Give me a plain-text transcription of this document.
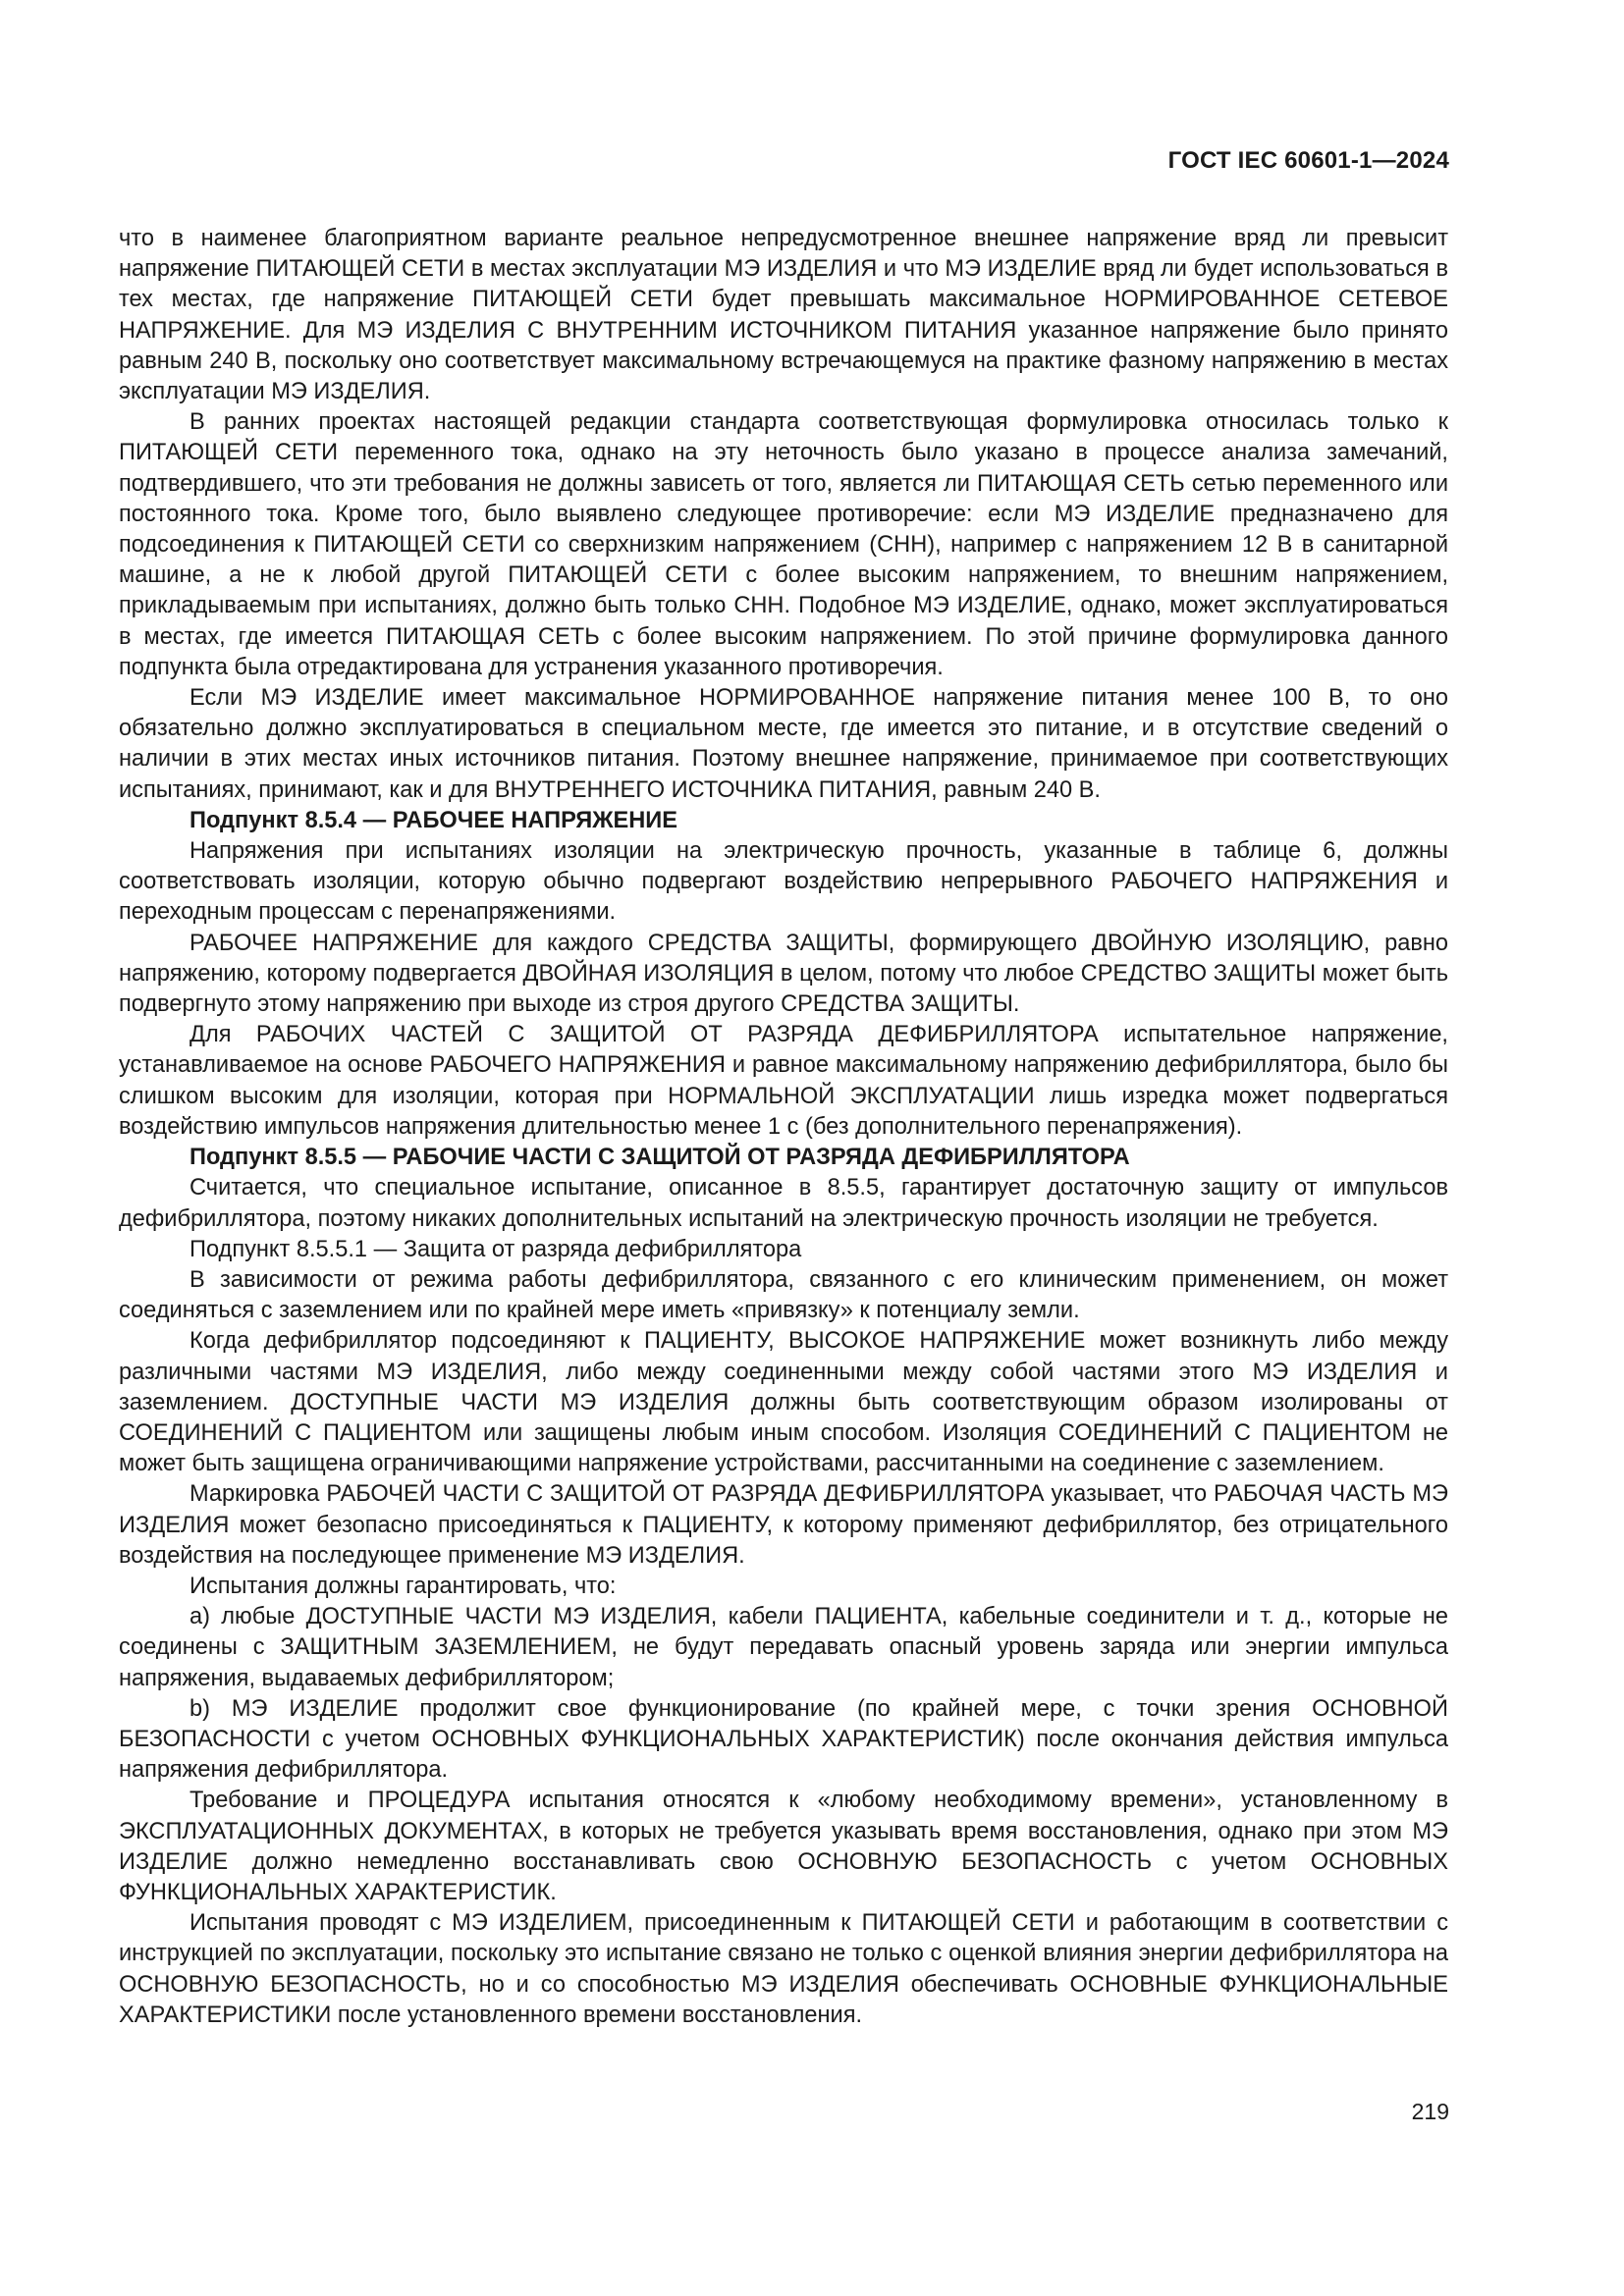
ГОСТ IEC 60601-1—2024

что в наименее благоприятном варианте реальное непредусмотренное внешнее напряжение вряд ли превысит напряжение ПИТАЮЩЕЙ СЕТИ в местах эксплуатации МЭ ИЗДЕЛИЯ и что МЭ ИЗДЕЛИЕ вряд ли будет использоваться в тех местах, где напряжение ПИТАЮЩЕЙ СЕТИ будет превышать максимальное НОРМИРОВАННОЕ СЕТЕВОЕ НАПРЯЖЕНИЕ. Для МЭ ИЗДЕЛИЯ С ВНУТРЕННИМ ИСТОЧНИКОМ ПИТАНИЯ указанное напряжение было принято равным 240 В, поскольку оно соответствует максимальному встречающемуся на практике фазному напряжению в местах эксплуатации МЭ ИЗДЕЛИЯ.

В ранних проектах настоящей редакции стандарта соответствующая формулировка относилась только к ПИТАЮЩЕЙ СЕТИ переменного тока, однако на эту неточность было указано в процессе анализа замечаний, подтвердившего, что эти требования не должны зависеть от того, является ли ПИТАЮЩАЯ СЕТЬ сетью переменного или постоянного тока. Кроме того, было выявлено следующее противоречие: если МЭ ИЗДЕЛИЕ предназначено для подсоединения к ПИТАЮЩЕЙ СЕТИ со сверхнизким напряжением (СНН), например с напряжением 12 В в санитарной машине, а не к любой другой ПИТАЮЩЕЙ СЕТИ с более высоким напряжением, то внешним напряжением, прикладываемым при испытаниях, должно быть только СНН. Подобное МЭ ИЗДЕЛИЕ, однако, может эксплуатироваться в местах, где имеется ПИТАЮЩАЯ СЕТЬ с более высоким напряжением. По этой причине формулировка данного подпункта была отредактирована для устранения указанного противоречия.

Если МЭ ИЗДЕЛИЕ имеет максимальное НОРМИРОВАННОЕ напряжение питания менее 100 В, то оно обязательно должно эксплуатироваться в специальном месте, где имеется это питание, и в отсутствие сведений о наличии в этих местах иных источников питания. Поэтому внешнее напряжение, принимаемое при соответствующих испытаниях, принимают, как и для ВНУТРЕННЕГО ИСТОЧНИКА ПИТАНИЯ, равным 240 В.

Подпункт 8.5.4 — РАБОЧЕЕ НАПРЯЖЕНИЕ

Напряжения при испытаниях изоляции на электрическую прочность, указанные в таблице 6, должны соответствовать изоляции, которую обычно подвергают воздействию непрерывного РАБОЧЕГО НАПРЯЖЕНИЯ и переходным процессам с перенапряжениями.

РАБОЧЕЕ НАПРЯЖЕНИЕ для каждого СРЕДСТВА ЗАЩИТЫ, формирующего ДВОЙНУЮ ИЗОЛЯЦИЮ, равно напряжению, которому подвергается ДВОЙНАЯ ИЗОЛЯЦИЯ в целом, потому что любое СРЕДСТВО ЗАЩИТЫ может быть подвергнуто этому напряжению при выходе из строя другого СРЕДСТВА ЗАЩИТЫ.

Для РАБОЧИХ ЧАСТЕЙ С ЗАЩИТОЙ ОТ РАЗРЯДА ДЕФИБРИЛЛЯТОРА испытательное напряжение, устанавливаемое на основе РАБОЧЕГО НАПРЯЖЕНИЯ и равное максимальному напряжению дефибриллятора, было бы слишком высоким для изоляции, которая при НОРМАЛЬНОЙ ЭКСПЛУАТАЦИИ лишь изредка может подвергаться воздействию импульсов напряжения длительностью менее 1 с (без дополнительного перенапряжения).

Подпункт 8.5.5 — РАБОЧИЕ ЧАСТИ С ЗАЩИТОЙ ОТ РАЗРЯДА ДЕФИБРИЛЛЯТОРА

Считается, что специальное испытание, описанное в 8.5.5, гарантирует достаточную защиту от импульсов дефибриллятора, поэтому никаких дополнительных испытаний на электрическую прочность изоляции не требуется.

Подпункт 8.5.5.1 — Защита от разряда дефибриллятора

В зависимости от режима работы дефибриллятора, связанного с его клиническим применением, он может соединяться с заземлением или по крайней мере иметь «привязку» к потенциалу земли.

Когда дефибриллятор подсоединяют к ПАЦИЕНТУ, ВЫСОКОЕ НАПРЯЖЕНИЕ может возникнуть либо между различными частями МЭ ИЗДЕЛИЯ, либо между соединенными между собой частями этого МЭ ИЗДЕЛИЯ и заземлением. ДОСТУПНЫЕ ЧАСТИ МЭ ИЗДЕЛИЯ должны быть соответствующим образом изолированы от СОЕДИНЕНИЙ С ПАЦИЕНТОМ или защищены любым иным способом. Изоляция СОЕДИНЕНИЙ С ПАЦИЕНТОМ не может быть защищена ограничивающими напряжение устройствами, рассчитанными на соединение с заземлением.

Маркировка РАБОЧЕЙ ЧАСТИ С ЗАЩИТОЙ ОТ РАЗРЯДА ДЕФИБРИЛЛЯТОРА указывает, что РАБОЧАЯ ЧАСТЬ МЭ ИЗДЕЛИЯ может безопасно присоединяться к ПАЦИЕНТУ, к которому применяют дефибриллятор, без отрицательного воздействия на последующее применение МЭ ИЗДЕЛИЯ.

Испытания должны гарантировать, что:

a) любые ДОСТУПНЫЕ ЧАСТИ МЭ ИЗДЕЛИЯ, кабели ПАЦИЕНТА, кабельные соединители и т. д., которые не соединены с ЗАЩИТНЫМ ЗАЗЕМЛЕНИЕМ, не будут передавать опасный уровень заряда или энергии импульса напряжения, выдаваемых дефибриллятором;

b) МЭ ИЗДЕЛИЕ продолжит свое функционирование (по крайней мере, с точки зрения ОСНОВНОЙ БЕЗОПАСНОСТИ с учетом ОСНОВНЫХ ФУНКЦИОНАЛЬНЫХ ХАРАКТЕРИСТИК) после окончания действия импульса напряжения дефибриллятора.

Требование и ПРОЦЕДУРА испытания относятся к «любому необходимому времени», установленному в ЭКСПЛУАТАЦИОННЫХ ДОКУМЕНТАХ, в которых не требуется указывать время восстановления, однако при этом МЭ ИЗДЕЛИЕ должно немедленно восстанавливать свою ОСНОВНУЮ БЕЗОПАСНОСТЬ с учетом ОСНОВНЫХ ФУНКЦИОНАЛЬНЫХ ХАРАКТЕРИСТИК.

Испытания проводят с МЭ ИЗДЕЛИЕМ, присоединенным к ПИТАЮЩЕЙ СЕТИ и работающим в соответствии с инструкцией по эксплуатации, поскольку это испытание связано не только с оценкой влияния энергии дефибриллятора на ОСНОВНУЮ БЕЗОПАСНОСТЬ, но и со способностью МЭ ИЗДЕЛИЯ обеспечивать ОСНОВНЫЕ ФУНКЦИОНАЛЬНЫЕ ХАРАКТЕРИСТИКИ после установленного времени восстановления.

219
